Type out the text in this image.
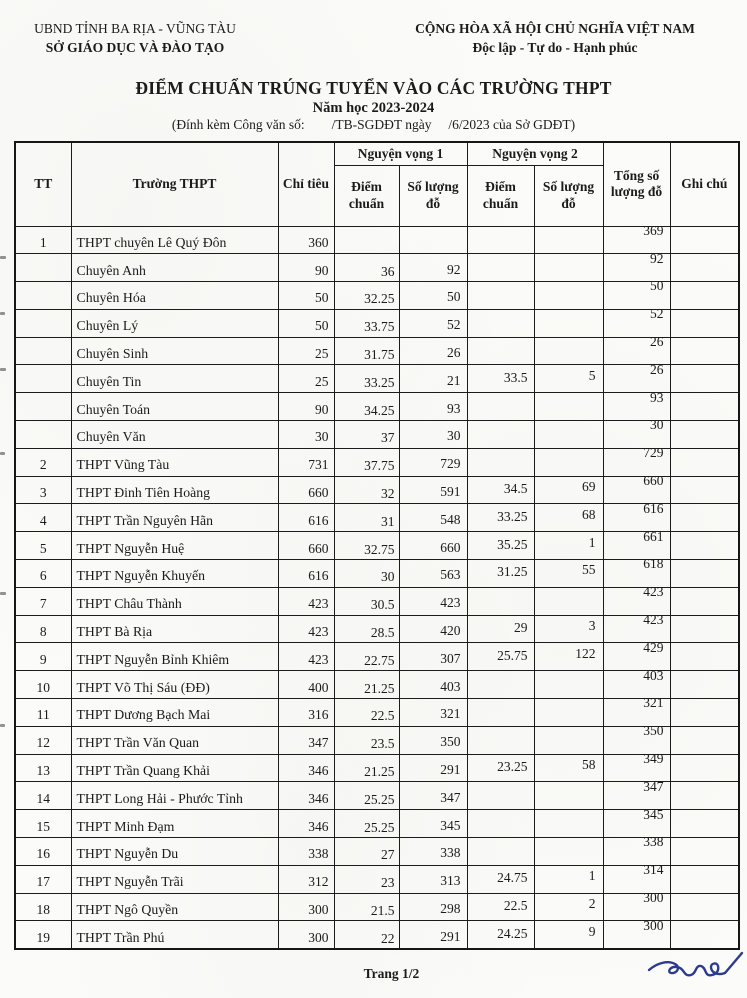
UBND TỈNH BA RỊA - VŨNG TÀU
SỞ GIÁO DỤC VÀ ĐÀO TẠO
CỘNG HÒA XÃ HỘI CHỦ NGHĨA VIỆT NAM
Độc lập - Tự do - Hạnh phúc
ĐIỂM CHUẨN TRÚNG TUYỂN VÀO CÁC TRƯỜNG THPT
Năm học 2023-2024
(Đính kèm Công văn số:        /TB-SGDĐT ngày     /6/2023 của Sở GDĐT)
TT	Trường THPT	Chỉ tiêu	Nguyện vọng 1		Nguyện vọng 2		Tổng số lượng đỗ	Ghi chú
			Điểm chuẩn	Số lượng đỗ	Điểm chuẩn	Số lượng đỗ		
1	THPT chuyên Lê Quý Đôn	360					369	
	Chuyên Anh	90	36	92			92	
	Chuyên Hóa	50	32.25	50			50	
	Chuyên Lý	50	33.75	52			52	
	Chuyên Sinh	25	31.75	26			26	
	Chuyên Tin	25	33.25	21	33.5	5	26	
	Chuyên Toán	90	34.25	93			93	
	Chuyên Văn	30	37	30			30	
2	THPT Vũng Tàu	731	37.75	729			729	
3	THPT Đinh Tiên Hoàng	660	32	591	34.5	69	660	
4	THPT Trần Nguyên Hãn	616	31	548	33.25	68	616	
5	THPT Nguyễn Huệ	660	32.75	660	35.25	1	661	
6	THPT Nguyễn Khuyến	616	30	563	31.25	55	618	
7	THPT Châu Thành	423	30.5	423			423	
8	THPT Bà Rịa	423	28.5	420	29	3	423	
9	THPT Nguyễn Bỉnh Khiêm	423	22.75	307	25.75	122	429	
10	THPT Võ Thị Sáu (ĐĐ)	400	21.25	403			403	
11	THPT Dương Bạch Mai	316	22.5	321			321	
12	THPT Trần Văn Quan	347	23.5	350			350	
13	THPT Trần Quang Khải	346	21.25	291	23.25	58	349	
14	THPT Long Hải - Phước Tỉnh	346	25.25	347			347	
15	THPT Minh Đạm	346	25.25	345			345	
16	THPT Nguyễn Du	338	27	338			338	
17	THPT Nguyễn Trãi	312	23	313	24.75	1	314	
18	THPT Ngô Quyền	300	21.5	298	22.5	2	300	
19	THPT Trần Phú	300	22	291	24.25	9	300	
Trang 1/2
